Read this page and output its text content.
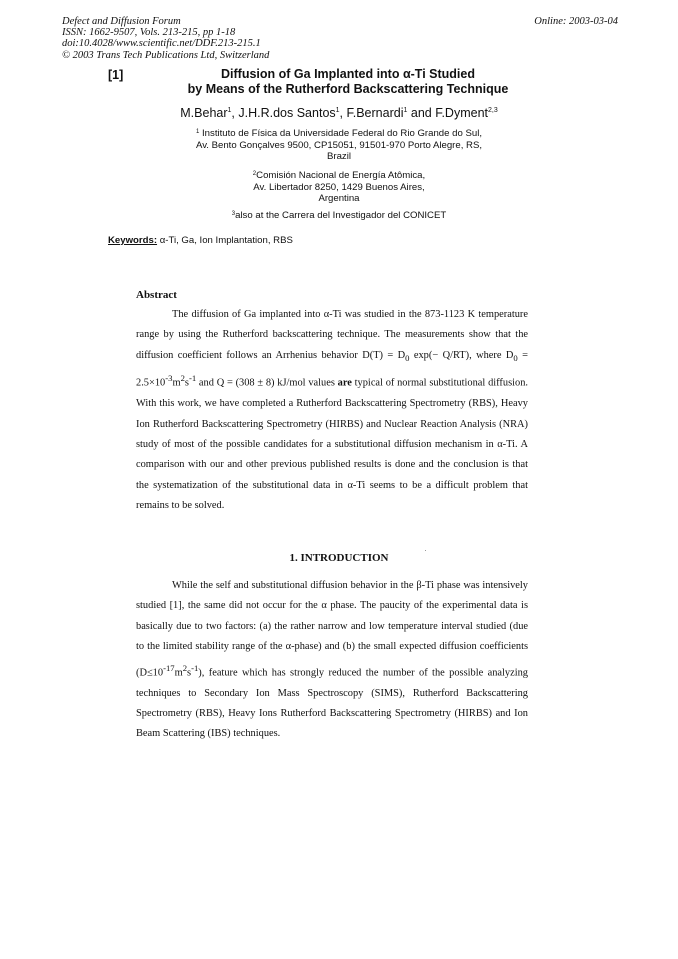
Defect and Diffusion Forum
ISSN: 1662-9507, Vols. 213-215, pp 1-18
doi:10.4028/www.scientific.net/DDF.213-215.1
© 2003 Trans Tech Publications Ltd, Switzerland
Online: 2003-03-04
[1]	Diffusion of Ga Implanted into α-Ti Studied
by Means of the Rutherford Backscattering Technique
M.Behar$^1$, J.H.R.dos Santos$^1$, F.Bernardi$^1$ and F.Dyment$^{2,3}$
$^1$ Instituto de Física da Universidade Federal do Rio Grande do Sul,
Av. Bento Gonçalves 9500, CP15051, 91501-970 Porto Alegre, RS,
Brazil
$^2$Comisión Nacional de Energía Atômica,
Av. Libertador 8250, 1429 Buenos Aires,
Argentina
$^3$also at the Carrera del Investigador del CONICET
Keywords: α-Ti, Ga, Ion Implantation, RBS
Abstract

The diffusion of Ga implanted into α-Ti was studied in the 873-1123 K temperature range by using the Rutherford backscattering technique. The measurements show that the diffusion coefficient follows an Arrhenius behavior $D(T) = D_0$ exp(− Q/RT), where $D_0 = 2.5\times 10^{-3}m^2s^{-1}$ and Q = (308 ± 8) kJ/mol values are typical of normal substitutional diffusion. With this work, we have completed a Rutherford Backscattering Spectrometry (RBS), Heavy Ion Rutherford Backscattering Spectrometry (HIRBS) and Nuclear Reaction Analysis (NRA) study of most of the possible candidates for a substitutional diffusion mechanism in α-Ti. A comparison with our and other previous published results is done and the conclusion is that the systematization of the substitutional data in α-Ti seems to be a difficult problem that remains to be solved.

1. INTRODUCTION

While the self and substitutional diffusion behavior in the β-Ti phase was intensively studied [1], the same did not occur for the α phase. The paucity of the experimental data is basically due to two factors: (a) the rather narrow and low temperature interval studied (due to the limited stability range of the α-phase) and (b) the small expected diffusion coefficients $(D\le 10^{-17}m^2s^{-1})$, feature which has strongly reduced the number of the possible analyzing techniques to Secondary Ion Mass Spectroscopy (SIMS), Rutherford Backscattering Spectrometry (RBS), Heavy Ions Rutherford Backscattering Spectrometry (HIRBS) and Ion Beam Scattering (IBS) techniques.
